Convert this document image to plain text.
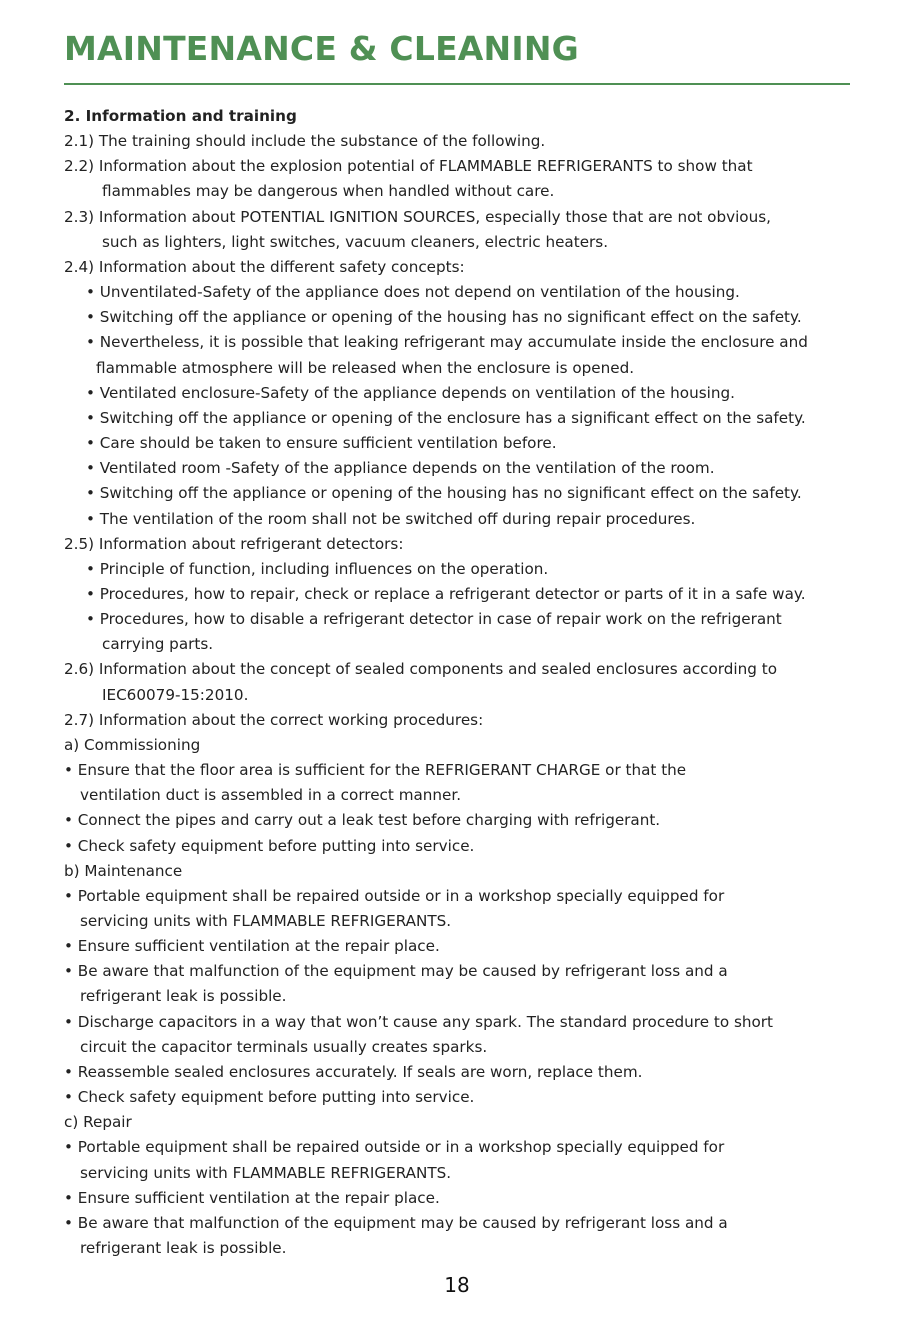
MAINTENANCE & CLEANING
2. Information and training
2.1) The training should include the substance of the following.
2.2) Information about the explosion potential of FLAMMABLE REFRIGERANTS to show that
flammables may be dangerous when handled without care.
2.3) Information about POTENTIAL IGNITION SOURCES, especially those that are not obvious,
such as lighters, light switches, vacuum cleaners, electric heaters.
2.4) Information about the different safety concepts:
• Unventilated-Safety of the appliance does not depend on ventilation of the housing.
• Switching off the appliance or opening of the housing has no significant effect on the safety.
• Nevertheless, it is possible that leaking refrigerant may accumulate inside the enclosure and
flammable atmosphere will be released when the enclosure is opened.
• Ventilated enclosure-Safety of the appliance depends on ventilation of the housing.
• Switching off the appliance or opening of the enclosure has a significant effect on the safety.
• Care should be taken to ensure sufficient ventilation before.
• Ventilated room -Safety of the appliance depends on the ventilation of the room.
• Switching off the appliance or opening of the housing has no significant effect on the safety.
• The ventilation of the room shall not be switched off during repair procedures.
2.5) Information about refrigerant detectors:
• Principle of function, including influences on the operation.
• Procedures, how to repair, check or replace a refrigerant detector or parts of it in a safe way.
• Procedures, how to disable a refrigerant detector in case of repair work on the refrigerant
carrying parts.
2.6) Information about the concept of sealed components and sealed enclosures according to
IEC60079-15:2010.
2.7) Information about the correct working procedures:
a) Commissioning
• Ensure that the floor area is sufficient for the REFRIGERANT CHARGE or that the
ventilation duct is assembled in a correct manner.
• Connect the pipes and carry out a leak test before charging with refrigerant.
• Check safety equipment before putting into service.
b) Maintenance
• Portable equipment shall be repaired outside or in a workshop specially equipped for
servicing units with FLAMMABLE REFRIGERANTS.
• Ensure sufficient ventilation at the repair place.
• Be aware that malfunction of the equipment may be caused by refrigerant loss and a
refrigerant leak is possible.
• Discharge capacitors in a way that won’t cause any spark. The standard procedure to short
circuit the capacitor terminals usually creates sparks.
• Reassemble sealed enclosures accurately. If seals are worn, replace them.
• Check safety equipment before putting into service.
c) Repair
• Portable equipment shall be repaired outside or in a workshop specially equipped for
servicing units with FLAMMABLE REFRIGERANTS.
• Ensure sufficient ventilation at the repair place.
• Be aware that malfunction of the equipment may be caused by refrigerant loss and a
refrigerant leak is possible.
18
